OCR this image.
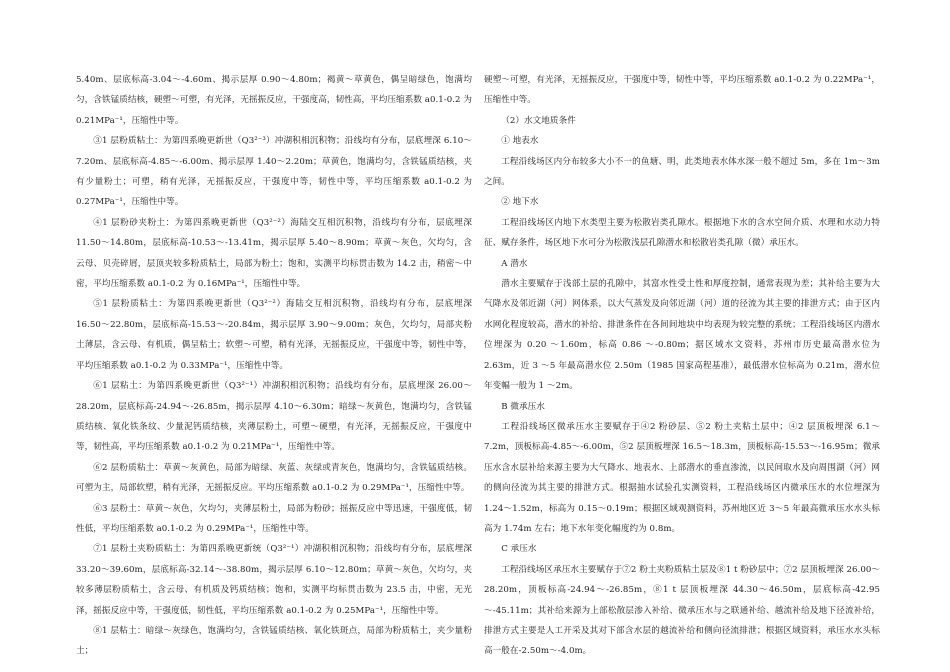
5.40m、层底标高-3.04～-4.60m、揭示层厚 0.90～4.80m；褐黄～草黄色，偶呈暗绿色，饱满均匀，含铁锰质结核，硬塑～可塑，有光泽，无摇振反应，干强度高，韧性高，平均压缩系数 a0.1-0.2 为 0.21MPa⁻¹，压缩性中等。

③1 层粉质粘土：为第四系晚更新世（Q3²⁻³）冲湖积相沉积物；沿线均有分布，层底埋深 6.10～7.20m、层底标高-4.85～-6.00m、揭示层厚 1.40～2.20m；草黄色，饱满均匀，含铁锰质结核，夹有少量粉土；可塑，稍有光泽，无摇振反应，干强度中等，韧性中等，平均压缩系数 a0.1-0.2 为 0.27MPa⁻¹，压缩性中等。

④1 层粉砂夹粉土：为第四系晚更新世（Q3²⁻²）海陆交互相沉积物，沿线均有分布，层底埋深 11.50～14.80m，层底标高-10.53～-13.41m，揭示层厚 5.40～8.90m；草黄～灰色，欠均匀，含云母、贝壳碎屑，层顶夹较多粉质粘土，局部为粉土；饱和，实测平均标贯击数为 14.2 击，稍密～中密，平均压缩系数 a0.1-0.2 为 0.16MPa⁻¹，压缩性中等。

⑤1 层粉质粘土：为第四系晚更新世（Q3²⁻²）海陆交互相沉积物，沿线均有分布，层底埋深 16.50～22.80m，层底标高-15.53～-20.84m，揭示层厚 3.90～9.00m；灰色，欠均匀，局部夹粉土薄层，含云母、有机质，偶呈粘土；软塑～可塑，稍有光泽，无摇振反应，干强度中等，韧性中等，平均压缩系数 a0.1-0.2 为 0.33MPa⁻¹，压缩性中等。

⑥1 层粘土：为第四系晚更新世（Q3²⁻¹）冲湖积相沉积物；沿线均有分布，层底埋深 26.00～28.20m，层底标高-24.94～-26.85m，揭示层厚 4.10～6.30m；暗绿～灰黄色，饱满均匀，含铁锰质结核、氧化铁条纹、少量泥钙质结核，夹薄层粉土，可塑～硬塑，有光泽，无摇振反应，干强度中等，韧性高，平均压缩系数 a0.1-0.2 为 0.21MPa⁻¹，压缩性中等。

⑥2 层粉质粘土：草黄～灰黄色，局部为暗绿、灰蓝、灰绿或青灰色，饱满均匀，含铁锰质结核。可塑为主，局部软塑，稍有光泽，无摇振反应。平均压缩系数 a0.1-0.2 为 0.29MPa⁻¹，压缩性中等。

⑥3 层粉土：草黄～灰色，欠均匀，夹薄层粉土，局部为粉砂；摇振反应中等迅速，干强度低，韧性低，平均压缩系数 a0.1-0.2 为 0.29MPa⁻¹，压缩性中等。

⑦1 层粉土夹粉质粘土：为第四系晚更新统（Q3²⁻¹）冲湖积相沉积物；沿线均有分布，层底埋深 33.20～39.60m，层底标高-32.14～-38.80m，揭示层厚 6.10～12.80m；草黄～灰色，欠均匀，夹较多薄层粉质粘土，含云母、有机质及钙质结核；饱和，实测平均标贯击数为 23.5 击，中密，无光泽，摇振反应中等，干强度低，韧性低，平均压缩系数 a0.1-0.2 为 0.25MPa⁻¹，压缩性中等。

⑧1 层粘土：暗绿～灰绿色，饱满均匀，含铁锰质结核、氧化铁斑点，局部为粉质粘土，夹少量粉土；

硬塑～可塑，有光泽，无摇振反应，干强度中等，韧性中等，平均压缩系数 a0.1-0.2 为 0.22MPa⁻¹，压缩性中等。

（2）水文地质条件

① 地表水

工程沿线场区内分布较多大小不一的鱼塘、明，此类地表水体水深一般不超过 5m，多在 1m～3m 之间。

② 地下水

工程沿线场区内地下水类型主要为松散岩类孔隙水。根据地下水的含水空间介质、水理和水动力特征、赋存条件，场区地下水可分为松散浅层孔隙潜水和松散岩类孔隙（微）承压水。

A 潜水

潜水主要赋存于浅部土层的孔隙中，其富水性受土性和厚度控制，通常表现为差；其补给主要为大气降水及邻近湖（河）网体系，以大气蒸发及向邻近湖（河）道的径流为其主要的排泄方式；由于区内水网化程度较高，潜水的补给、排泄条件在各间间地块中均表现为较完整的系统；工程沿线场区内潜水位埋深为 0.20 ～1.60m，标高 0.86 ～-0.80m；据区域水文资料，苏州市历史最高潜水位为 2.63m，近 3 ～5 年最高潜水位 2.50m（1985 国家高程基准），最低潜水位标高为 0.21m，潜水位年变幅一般为 1 ～2m。

B 微承压水

工程沿线场区微承压水主要赋存于④2 粉砂层、⑤2 粉土夹粘土层中；④2 层顶板埋深 6.1～7.2m，顶板标高-4.85～-6.00m，⑤2 层顶板埋深 16.5～18.3m，顶板标高-15.53～-16.95m；微承压水含水层补给来源主要为大气降水、地表水、上部潜水的垂直渗流，以民间取水及向周围湖（河）网的侧向径流为其主要的排泄方式。根据抽水试验孔实测资料，工程沿线场区内微承压水的水位埋深为 1.24～1.52m，标高为 0.15～0.19m；根据区域观测资料，苏州地区近 3～5 年最高微承压水水头标高为 1.74m 左右；地下水年变化幅度约为 0.8m。

C 承压水

工程沿线场区承压水主要赋存于⑦2 粉土夹粉质粘土层及⑧1 t 粉砂层中；⑦2 层顶板埋深 26.00～28.20m，顶板标高-24.94～-26.85m，⑧1 t 层顶板埋深 44.30～46.50m，层底标高-42.95～-45.11m；其补给来源为上部松散层渗入补给、微承压水与之联通补给、越流补给及地下径流补给，排泄方式主要是人工开采及其对下部含水层的越流补给和侧向径流排泄；根据区域资料，承压水水头标高一般在-2.50m～-4.0m。
